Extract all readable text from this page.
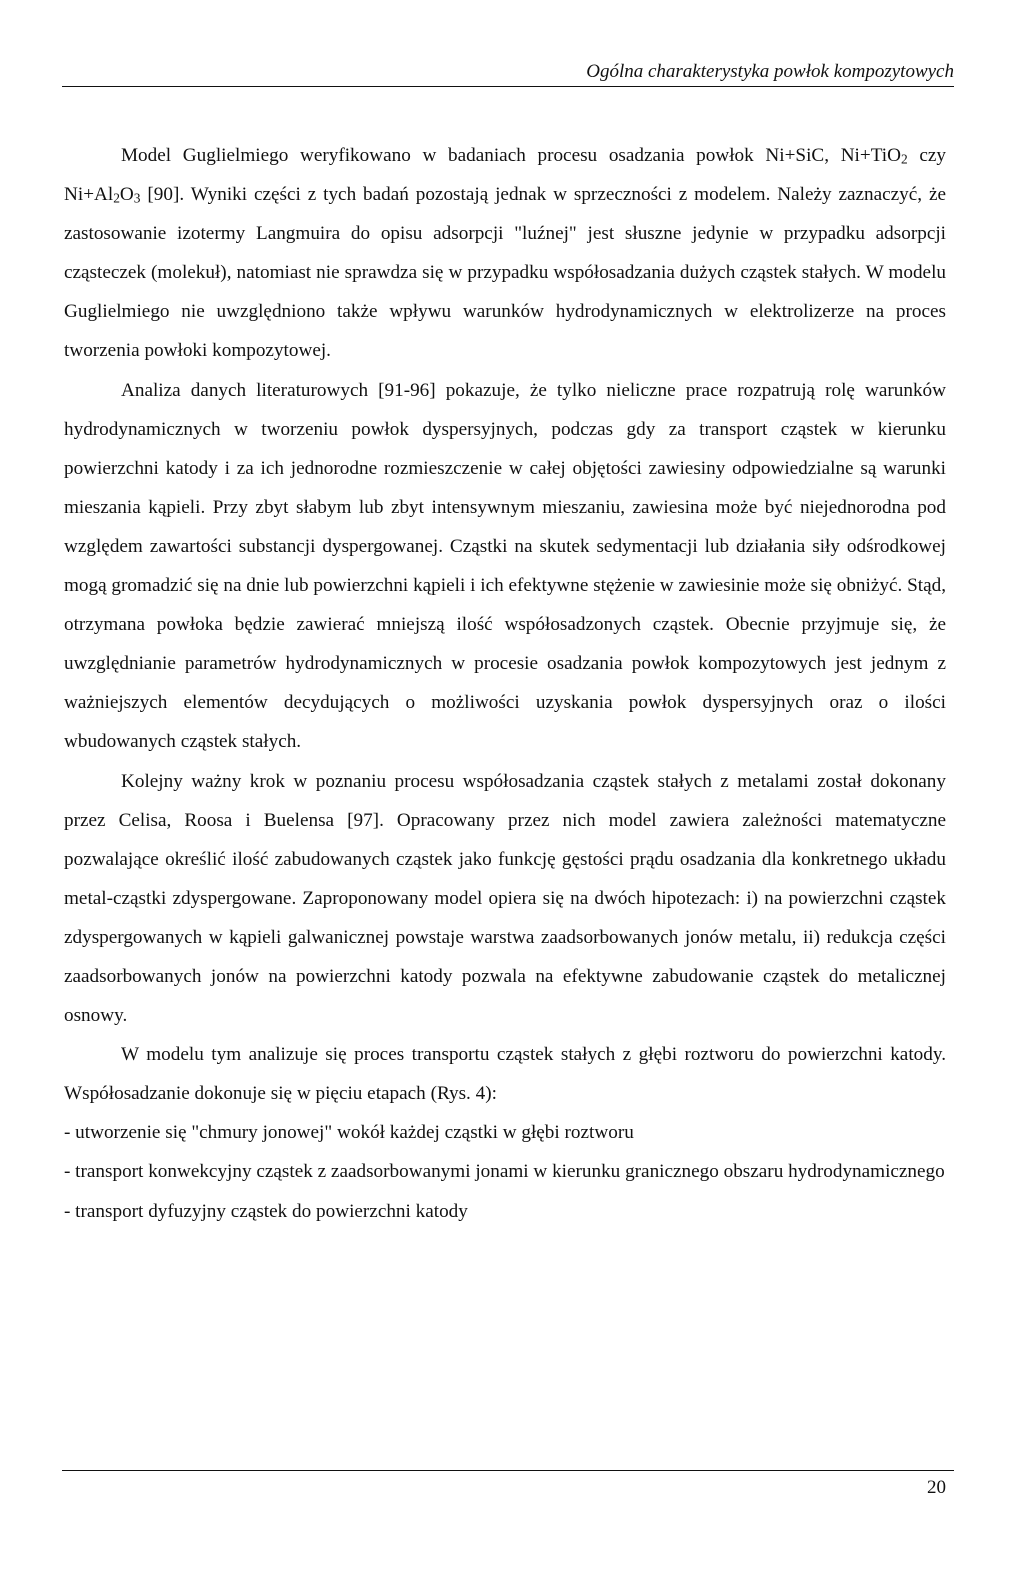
Ogólna charakterystyka powłok kompozytowych

Model Guglielmiego weryfikowano w badaniach procesu osadzania powłok Ni+SiC, Ni+TiO$_2$ czy $Ni+Al_2O_3$ [90]. Wyniki części z tych badań pozostają jednak w sprzeczności z modelem. Należy zaznaczyć, że zastosowanie izotermy Langmuira do opisu adsorpcji "luźnej" jest słuszne jedynie w przypadku adsorpcji cząsteczek (molekuł), natomiast nie sprawdza się w przypadku współosadzania dużych cząstek stałych. W modelu Guglielmiego nie uwzględniono także wpływu warunków hydrodynamicznych w elektrolizerze na proces tworzenia powłoki kompozytowej.

Analiza danych literaturowych [91-96] pokazuje, że tylko nieliczne prace rozpatrują rolę warunków hydrodynamicznych w tworzeniu powłok dyspersyjnych, podczas gdy za transport cząstek w kierunku powierzchni katody i za ich jednorodne rozmieszczenie w całej objętości zawiesiny odpowiedzialne są warunki mieszania kąpieli. Przy zbyt słabym lub zbyt intensywnym mieszaniu, zawiesina może być niejednorodna pod względem zawartości substancji dyspergowanej. Cząstki na skutek sedymentacji lub działania siły odśrodkowej mogą gromadzić się na dnie lub powierzchni kąpieli i ich efektywne stężenie w zawiesinie może się obniżyć. Stąd, otrzymana powłoka będzie zawierać mniejszą ilość współosadzonych cząstek. Obecnie przyjmuje się, że uwzględnianie parametrów hydrodynamicznych w procesie osadzania powłok kompozytowych jest jednym z ważniejszych elementów decydujących o możliwości uzyskania powłok dyspersyjnych oraz o ilości wbudowanych cząstek stałych.

Kolejny ważny krok w poznaniu procesu współosadzania cząstek stałych z metalami został dokonany przez Celisa, Roosa i Buelensa [97]. Opracowany przez nich model zawiera zależności matematyczne pozwalające określić ilość zabudowanych cząstek jako funkcję gęstości prądu osadzania dla konkretnego układu metal-cząstki zdyspergowane. Zaproponowany model opiera się na dwóch hipotezach: i) na powierzchni cząstek zdyspergowanych w kąpieli galwanicznej powstaje warstwa zaadsorbowanych jonów metalu, ii) redukcja części zaadsorbowanych jonów na powierzchni katody pozwala na efektywne zabudowanie cząstek do metalicznej osnowy.

W modelu tym analizuje się proces transportu cząstek stałych z głębi roztworu do powierzchni katody. Współosadzanie dokonuje się w pięciu etapach (Rys. 4):

- utworzenie się "chmury jonowej" wokół każdej cząstki w głębi roztworu

- transport konwekcyjny cząstek z zaadsorbowanymi jonami w kierunku granicznego obszaru hydrodynamicznego

- transport dyfuzyjny cząstek do powierzchni katody

20
